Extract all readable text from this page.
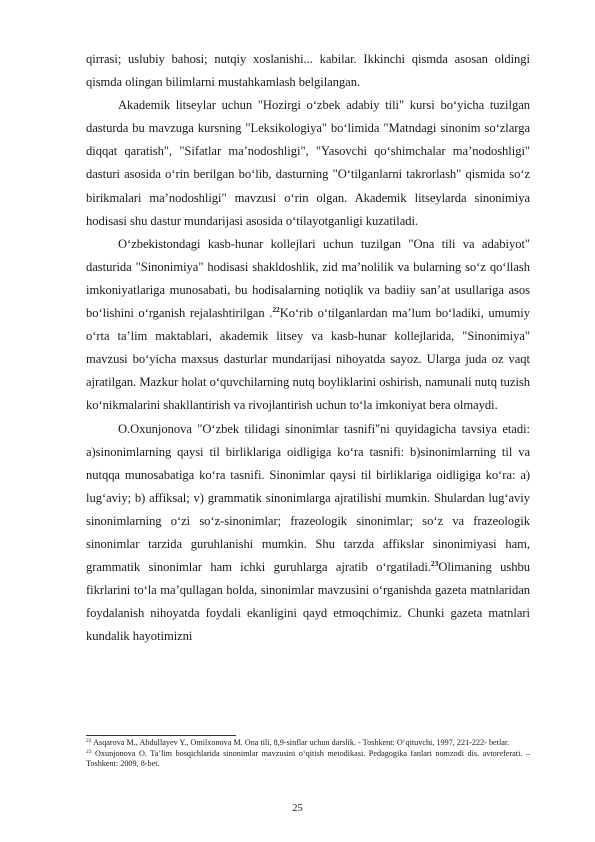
qirrasi; uslubiy bahosi; nutqiy xoslanishi... kabilar. Ikkinchi qismda asosan oldingi qismda olingan bilimlarni mustahkamlash belgilangan.

Akademik litseylar uchun "Hozirgi o‘zbek adabiy tili" kursi bo‘yicha tuzilgan dasturda bu mavzuga kursning "Leksikologiya" bo‘limida "Matndagi sinonim so‘zlarga diqqat qaratish", "Sifatlar ma’nodoshligi", "Yasovchi qo‘shimchalar ma’nodoshligi" dasturi asosida o‘rin berilgan bo‘lib, dasturning "O‘tilganlarni takrorlash" qismida so‘z birikmalari ma’nodoshligi" mavzusi o‘rin olgan. Akademik litseylarda sinonimiya hodisasi shu dastur mundarijasi asosida o‘tilayotganligi kuzatiladi.

O‘zbekistondagi kasb-hunar kollejlari uchun tuzilgan "Ona tili va adabiyot" dasturida "Sinonimiya" hodisasi shakldoshlik, zid ma’nolilik va bularning so‘z qo‘llash imkoniyatlariga munosabati, bu hodisalarning notiqlik va badiiy san’at usullariga asos bo‘lishini o‘rganish rejalashtirilgan .$^{22}$Ko‘rib o‘tilganlardan ma’lum bo‘ladiki, umumiy o‘rta ta’lim maktablari, akademik litsey va kasb-hunar kollejlarida, "Sinonimiya" mavzusi bo‘yicha maxsus dasturlar mundarijasi nihoyatda sayoz. Ularga juda oz vaqt ajratilgan. Mazkur holat o‘quvchilarning nutq boyliklarini oshirish, namunali nutq tuzish ko‘nikmalarini shakllantirish va rivojlantirish uchun to‘la imkoniyat bera olmaydi.

O.Oxunjonova "O‘zbek tilidagi sinonimlar tasnifi"ni quyidagicha tavsiya etadi: a)sinonimlarning qaysi til birliklariga oidligiga ko‘ra tasnifi: b)sinonimlarning til va nutqqa munosabatiga ko‘ra tasnifi. Sinonimlar qaysi til birliklariga oidligiga ko‘ra: a) lug‘aviy; b) affiksal; v) grammatik sinonimlarga ajratilishi mumkin. Shulardan lug‘aviy sinonimlarning o‘zi so‘z-sinonimlar; frazeologik sinonimlar; so‘z va frazeologik sinonimlar tarzida guruhlanishi mumkin. Shu tarzda affikslar sinonimiyasi ham, grammatik sinonimlar ham ichki guruhlarga ajratib o‘rgatiladi.$^{23}$Olimaning ushbu fikrlarini to‘la ma’qullagan holda, sinonimlar mavzusini o‘rganishda gazeta matnlaridan foydalanish nihoyatda foydali ekanligini qayd etmoqchimiz. Chunki gazeta matnlari kundalik hayotimizni

$^{22}$ Asqarova M., Abdullayev Y., Omilxonova M. Ona tili, 8,9-sinflar uchun darslik. - Toshkent: O‘qituvchi, 1997, 221-222- betlar.

$^{23}$ Oxunjonova O. Ta’lim bosqichlarida sinonimlar mavzusini o‘qitish metodikasi. Pedagogika fanlari nomzodi dis. avtoreferati. – Toshkent: 2009, 8-bet.

25
